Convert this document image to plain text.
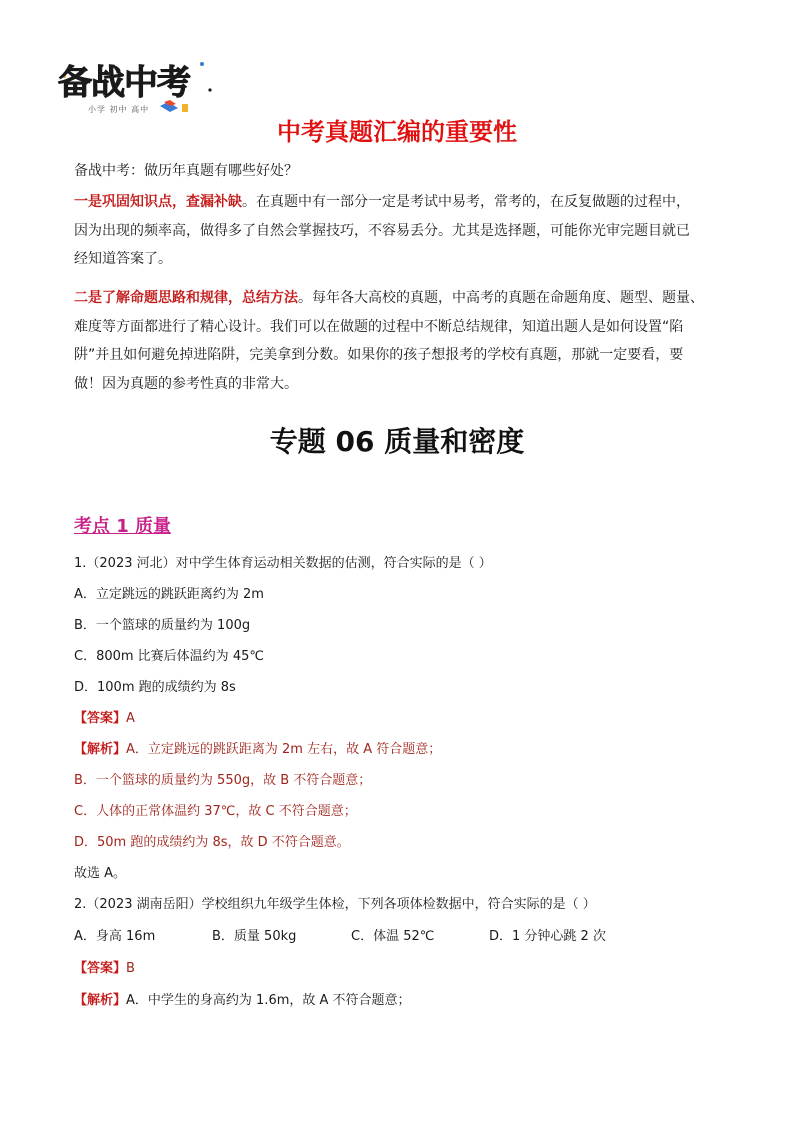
备战中考
小学 初中 高中
中考真题汇编的重要性
备战中考：做历年真题有哪些好处？
一是巩固知识点，查漏补缺。在真题中有一部分一定是考试中易考，常考的，在反复做题的过程中，
因为出现的频率高，做得多了自然会掌握技巧，不容易丢分。尤其是选择题，可能你光审完题目就已
经知道答案了。
二是了解命题思路和规律，总结方法。每年各大高校的真题，中高考的真题在命题角度、题型、题量、
难度等方面都进行了精心设计。我们可以在做题的过程中不断总结规律，知道出题人是如何设置“陷
阱”并且如何避免掉进陷阱，完美拿到分数。如果你的孩子想报考的学校有真题，那就一定要看，要
做！因为真题的参考性真的非常大。
专题 06 质量和密度
考点 1 质量
1.（2023 河北）对中学生体育运动相关数据的估测，符合实际的是（ ）
A．立定跳远的跳跃距离约为 2m
B．一个篮球的质量约为 100g
C．800m 比赛后体温约为 45℃
D．100m 跑的成绩约为 8s
【答案】A
【解析】A．立定跳远的跳跃距离为 2m 左右，故 A 符合题意；
B．一个篮球的质量约为 550g，故 B 不符合题意；
C．人体的正常体温约 37℃，故 C 不符合题意；
D．50m 跑的成绩约为 8s，故 D 不符合题意。
故选 A。
2.（2023 湖南岳阳）学校组织九年级学生体检，下列各项体检数据中，符合实际的是（ ）
A．身高 16m	B．质量 50kg	C．体温 52℃	D．1 分钟心跳 2 次
【答案】B
【解析】A．中学生的身高约为 1.6m，故 A 不符合题意；
